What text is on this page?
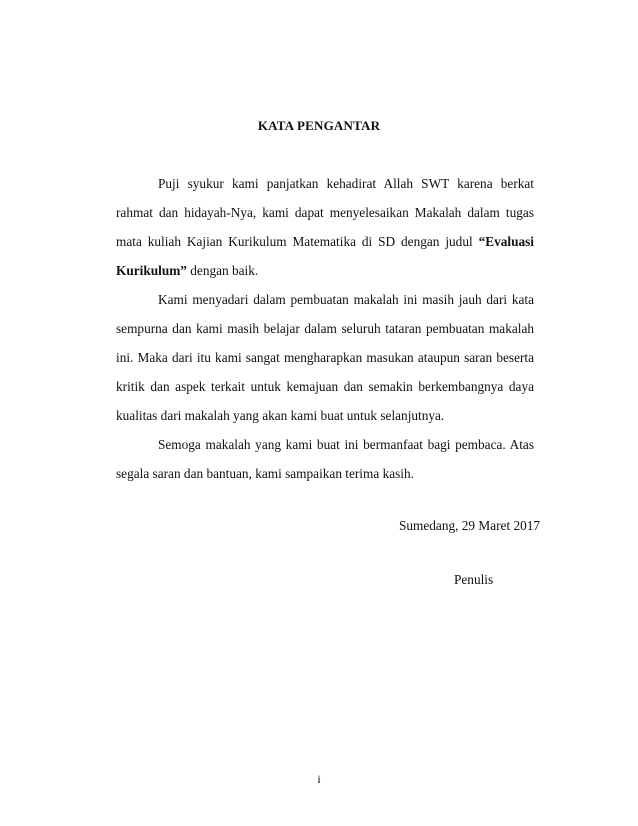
KATA PENGANTAR

Puji syukur kami panjatkan kehadirat Allah SWT karena berkat rahmat dan hidayah-Nya, kami dapat menyelesaikan Makalah dalam tugas mata kuliah Kajian Kurikulum Matematika di SD dengan judul “Evaluasi Kurikulum” dengan baik.

Kami menyadari dalam pembuatan makalah ini masih jauh dari kata sempurna dan kami masih belajar dalam seluruh tataran pembuatan makalah ini. Maka dari itu kami sangat mengharapkan masukan ataupun saran beserta kritik dan aspek terkait untuk kemajuan dan semakin berkembangnya daya kualitas dari makalah yang akan kami buat untuk selanjutnya.

Semoga makalah yang kami buat ini bermanfaat bagi pembaca. Atas segala saran dan bantuan, kami sampaikan terima kasih.

Sumedang, 29 Maret 2017
Penulis
i
